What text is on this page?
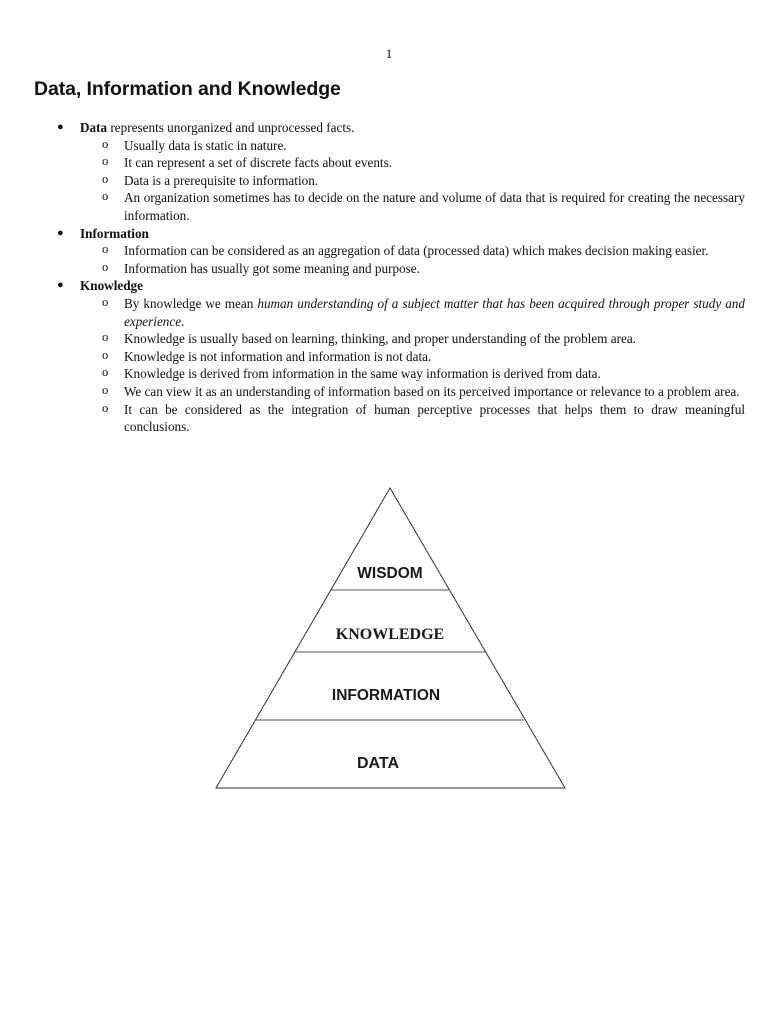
1
Data, Information and Knowledge
● Data represents unorganized and unprocessed facts.
o Usually data is static in nature.
o It can represent a set of discrete facts about events.
o Data is a prerequisite to information.
o An organization sometimes has to decide on the nature and volume of data that is required for creating the necessary information.
● Information
o Information can be considered as an aggregation of data (processed data) which makes decision making easier.
o Information has usually got some meaning and purpose.
● Knowledge
o By knowledge we mean human understanding of a subject matter that has been acquired through proper study and experience.
o Knowledge is usually based on learning, thinking, and proper understanding of the problem area.
o Knowledge is not information and information is not data.
o Knowledge is derived from information in the same way information is derived from data.
o We can view it as an understanding of information based on its perceived importance or relevance to a problem area.
o It can be considered as the integration of human perceptive processes that helps them to draw meaningful conclusions.
WISDOM
KNOWLEDGE
INFORMATION
DATA
